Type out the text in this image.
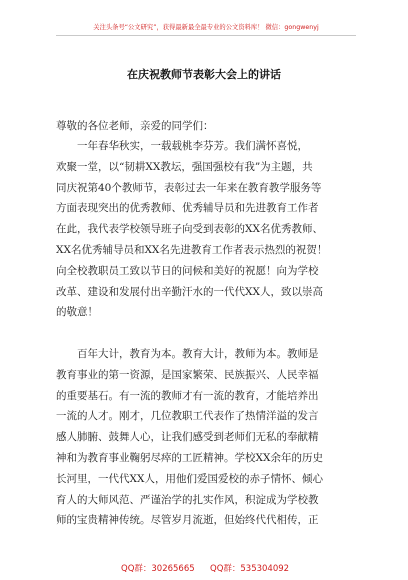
关注头条号“公文研究”，获得最新最全最专业的公文资料库！ 微信：gongwenyj
在庆祝教师节表彰大会上的讲话
尊敬的各位老师，亲爱的同学们：
一年春华秋实，一载载桃李芬芳。我们满怀喜悦，
欢聚一堂，以“韧耕XX教坛，强国强校有我”为主题，共
同庆祝第40个教师节，表彰过去一年来在教育教学服务等
方面表现突出的优秀教师、优秀辅导员和先进教育工作者
在此，我代表学校领导班子向受到表彰的XX名优秀教师、
XX名优秀辅导员和XX名先进教育工作者表示热烈的祝贺！
向全校教职员工致以节日的问候和美好的祝愿！向为学校
改革、建设和发展付出辛勤汗水的一代代XX人，致以崇高
的敬意！
百年大计，教育为本。教育大计，教师为本。教师是
教育事业的第一资源，是国家繁荣、民族振兴、人民幸福
的重要基石。有一流的教师才有一流的教育，才能培养出
一流的人才。刚才，几位教职工代表作了热情洋溢的发言
感人肺腑、鼓舞人心，让我们感受到老师们无私的奉献精
神和为教育事业鞠躬尽瘁的工匠精神。学校XX余年的历史
长河里，一代代XX人，用他们爱国爱校的赤子情怀、倾心
育人的大师风范、严谨治学的扎实作风，积淀成为学校教
师的宝贵精神传统。尽管岁月流逝，但始终代代相传，正
QQ群：30265665 QQ群：535304092
